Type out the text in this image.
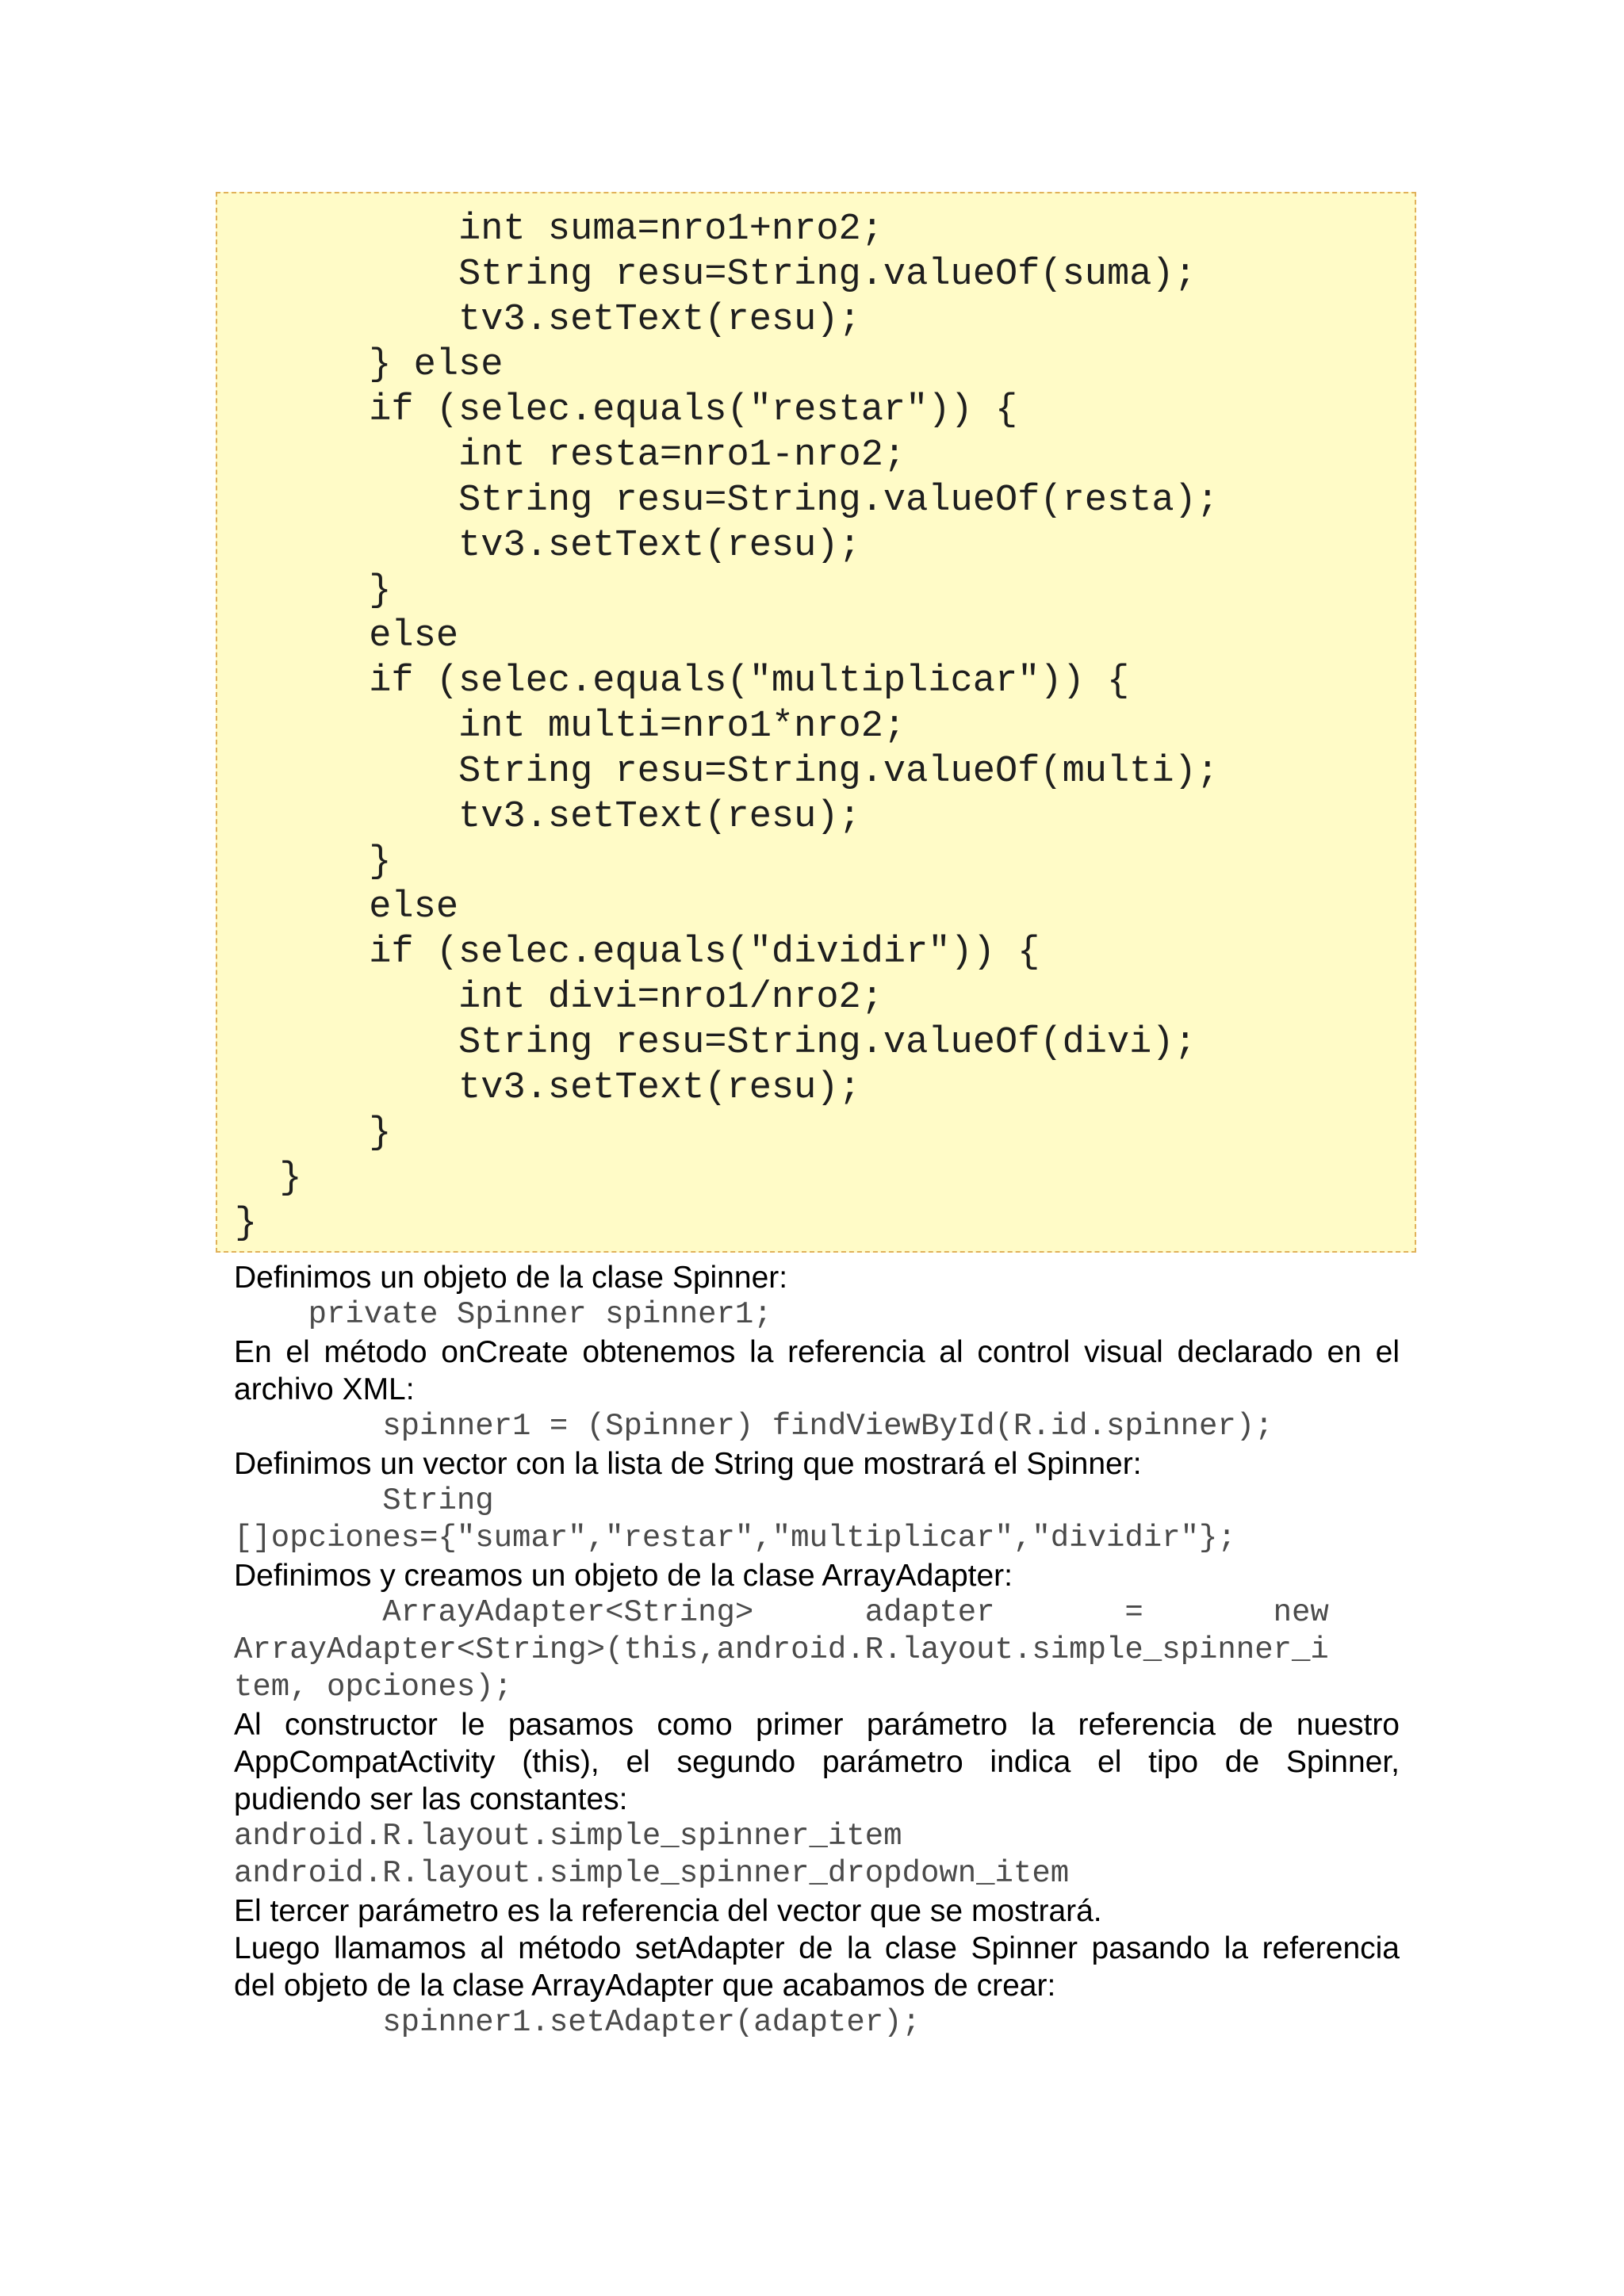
int suma=nro1+nro2;

String resu=String.valueOf(suma);

tv3.setText(resu);

} else

if (selec.equals("restar")) {

int resta=nro1-nro2;

String resu=String.valueOf(resta);

tv3.setText(resu);

}

else

if (selec.equals("multiplicar")) {

int multi=nro1*nro2;

String resu=String.valueOf(multi);

tv3.setText(resu);

}

else

if (selec.equals("dividir")) {

int divi=nro1/nro2;

String resu=String.valueOf(divi);

tv3.setText(resu);

}

}

}

Definimos un objeto de la clase Spinner:

private Spinner spinner1;

En el método onCreate obtenemos la referencia al control visual declarado en el

archivo XML:

spinner1 = (Spinner) findViewById(R.id.spinner);

Definimos un vector con la lista de String que mostrará el Spinner:

String

[]opciones={"sumar","restar","multiplicar","dividir"};

Definimos y creamos un objeto de la clase ArrayAdapter:

ArrayAdapter<String>      adapter       =       new

ArrayAdapter<String>(this,android.R.layout.simple_spinner_i

tem, opciones);

Al constructor le pasamos como primer parámetro la referencia de nuestro

AppCompatActivity (this), el segundo parámetro indica el tipo de Spinner,

pudiendo ser las constantes:

android.R.layout.simple_spinner_item

android.R.layout.simple_spinner_dropdown_item

El tercer parámetro es la referencia del vector que se mostrará.

Luego llamamos al método setAdapter de la clase Spinner pasando la referencia

del objeto de la clase ArrayAdapter que acabamos de crear:

spinner1.setAdapter(adapter);
